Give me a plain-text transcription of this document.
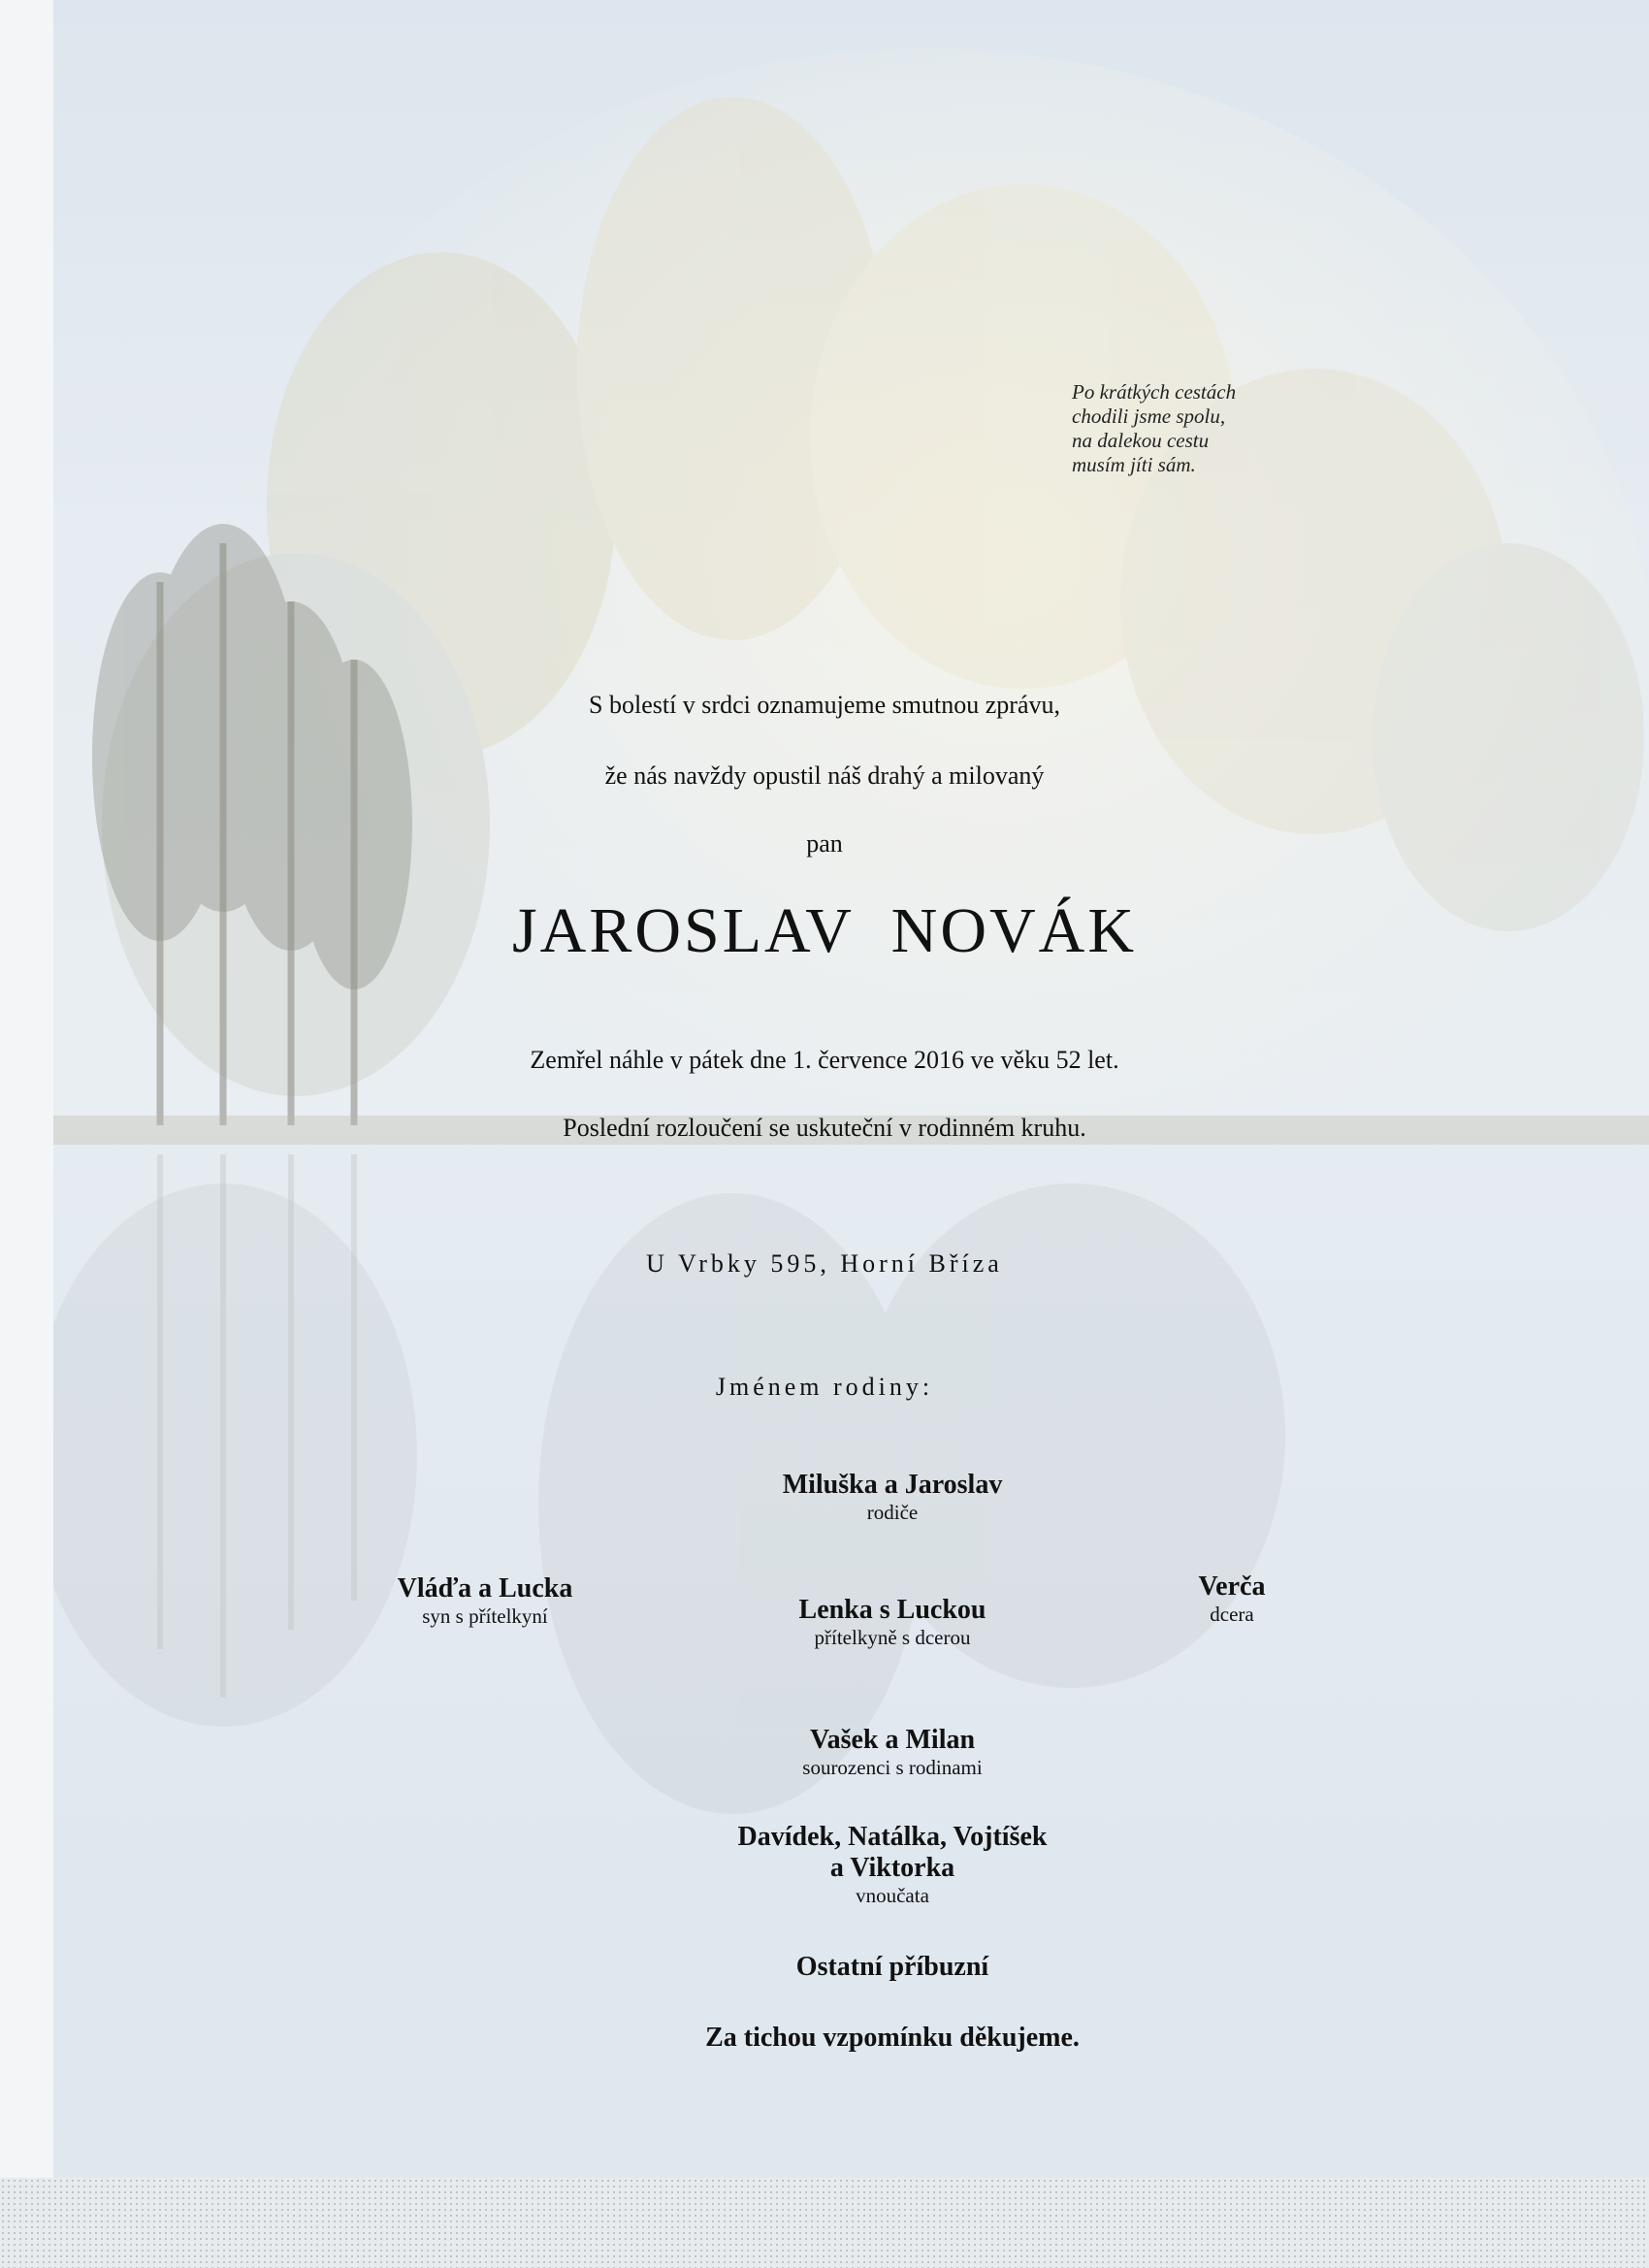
Po krátkých cestách
chodili jsme spolu,
na dalekou cestu
musím jíti sám.
S bolestí v srdci oznamujeme smutnou zprávu,
že nás navždy opustil náš drahý a milovaný
pan
JAROSLAV  NOVÁK
Zemřel náhle v pátek dne 1. července 2016 ve věku 52 let.
Poslední rozloučení se uskuteční v rodinném kruhu.
U Vrbky 595, Horní Bříza
Jménem rodiny:
Miluška a Jaroslav
rodiče
Vláďa a Lucka
syn s přítelkyní	Lenka s Luckou
přítelkyně s dcerou
Verča
dcera
Vašek a Milan
sourozenci s rodinami
Davídek, Natálka, Vojtíšek
a Viktorka
vnoučata
Ostatní příbuzní
Za tichou vzpomínku děkujeme.
